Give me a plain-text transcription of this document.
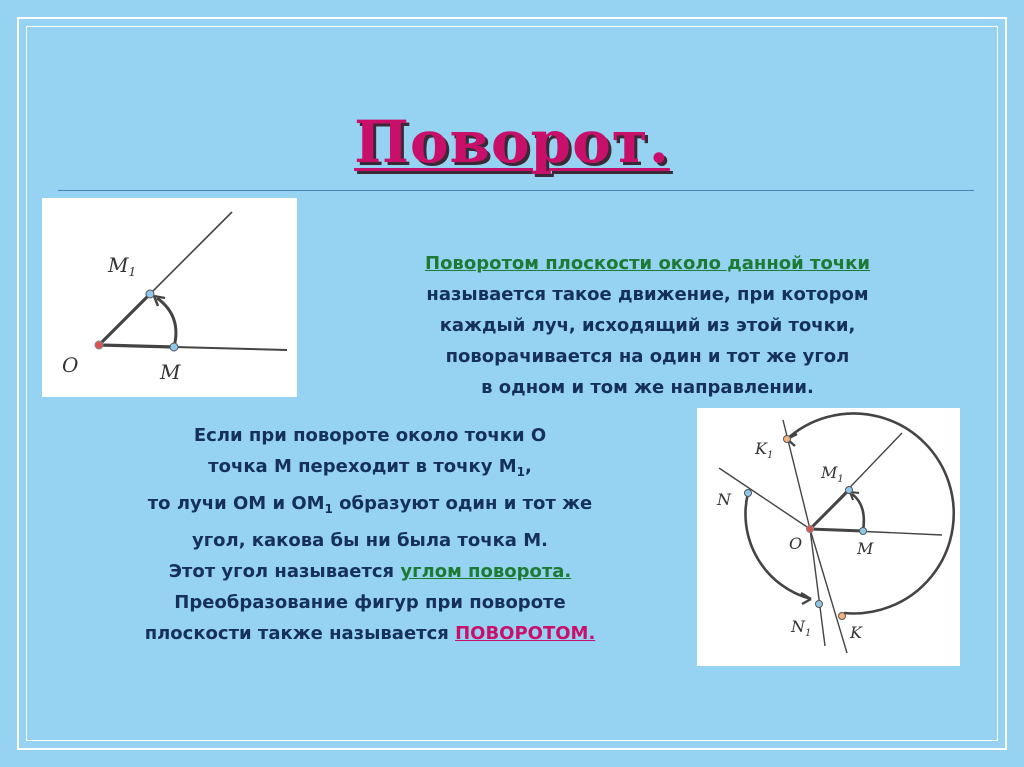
Поворот.
$M_1$
O	M

Поворотом плоскости около данной точки
называется такое движение, при котором
каждый луч, исходящий из этой точки,
поворачивается на один и тот же угол
в одном и том же направлении.

Если при повороте около точки О
точка М переходит в точку $М_1$,
то лучи ОМ и $ОМ_1$ образуют один и тот же
угол, какова бы ни была точка М.
Этот угол называется углом поворота.
Преобразование фигур при повороте
плоскости также называется ПОВОРОТОМ.

$K_1$
$M_1$
N
O	M
$N_1$ K
